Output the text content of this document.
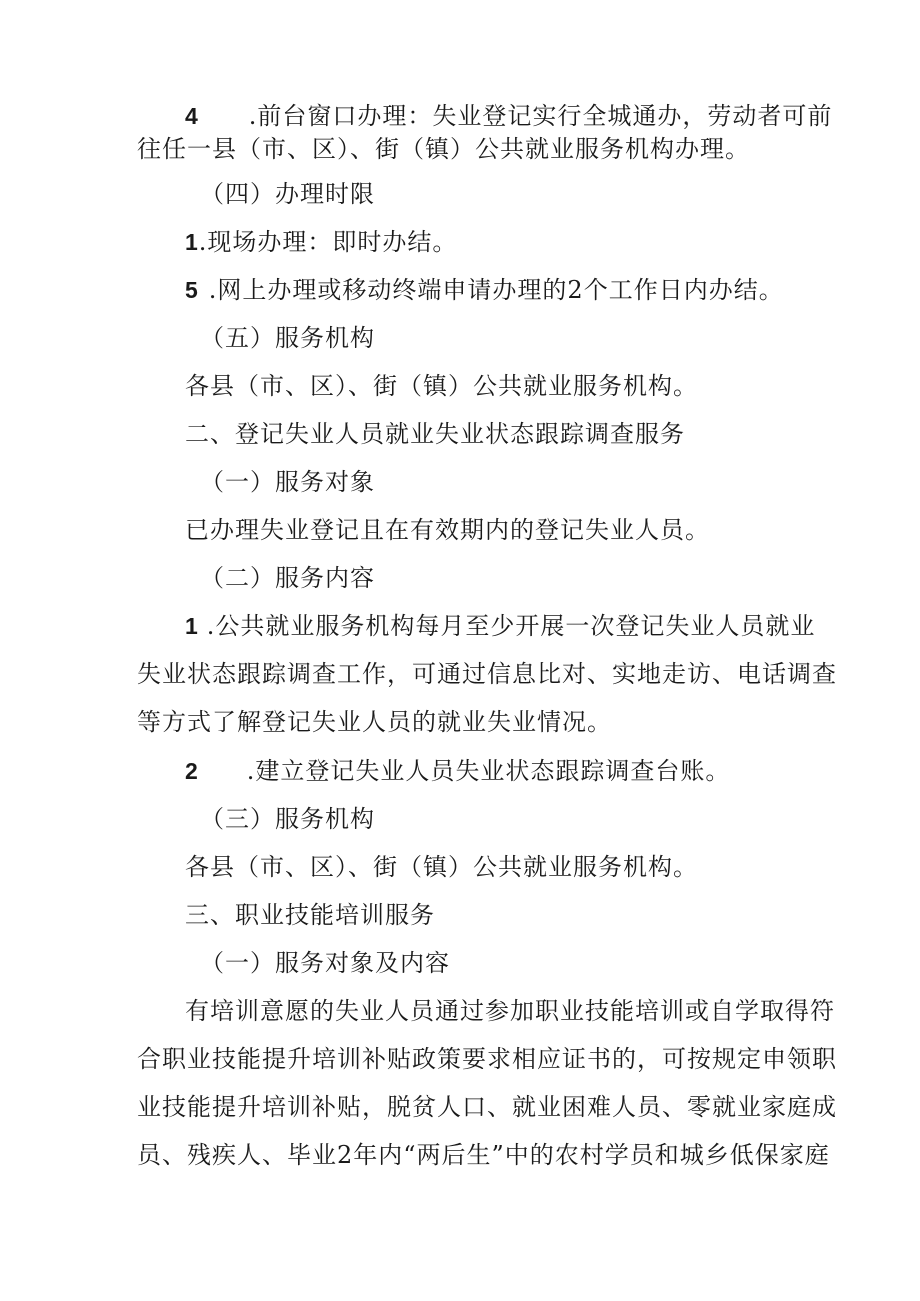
4 .前台窗口办理：失业登记实行全城通办，劳动者可前
往任一县（市、区）、街（镇）公共就业服务机构办理。
（四）办理时限
1.现场办理：即时办结。
5 .网上办理或移动终端申请办理的2个工作日内办结。
（五）服务机构
各县（市、区）、街（镇）公共就业服务机构。
二、登记失业人员就业失业状态跟踪调查服务
（一）服务对象
已办理失业登记且在有效期内的登记失业人员。
（二）服务内容
1 .公共就业服务机构每月至少开展一次登记失业人员就业
失业状态跟踪调查工作，可通过信息比对、实地走访、电话调查
等方式了解登记失业人员的就业失业情况。
2 .建立登记失业人员失业状态跟踪调查台账。
（三）服务机构
各县（市、区）、街（镇）公共就业服务机构。
三、职业技能培训服务
（一）服务对象及内容
有培训意愿的失业人员通过参加职业技能培训或自学取得符
合职业技能提升培训补贴政策要求相应证书的，可按规定申领职
业技能提升培训补贴，脱贫人口、就业困难人员、零就业家庭成
员、残疾人、毕业2年内“两后生”中的农村学员和城乡低保家庭
